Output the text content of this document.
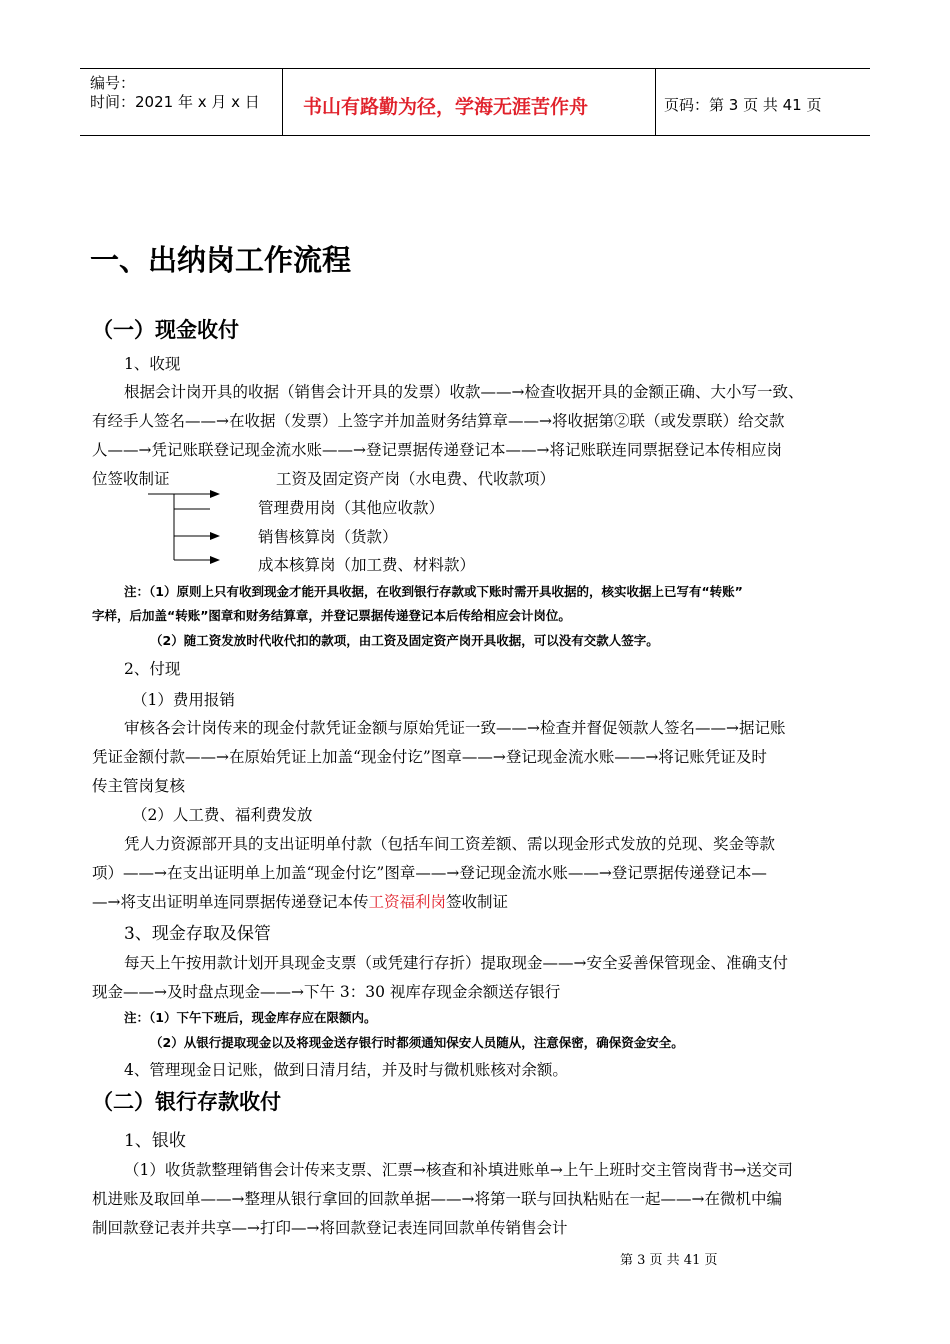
编号：
时间：2021 年 x 月 x 日 书山有路勤为径，学海无涯苦作舟	页码：第 3 页 共 41 页
一、出纳岗工作流程
（一）现金收付
1、收现
根据会计岗开具的收据（销售会计开具的发票）收款——→检查收据开具的金额正确、大小写一致、
有经手人签名——→在收据（发票）上签字并加盖财务结算章——→将收据第②联（或发票联）给交款
人——→凭记账联登记现金流水账——→登记票据传递登记本——→将记账联连同票据登记本传相应岗
位签收制证	工资及固定资产岗（水电费、代收款项）
管理费用岗（其他应收款）
销售核算岗（货款）
成本核算岗（加工费、材料款）
注：（1）原则上只有收到现金才能开具收据，在收到银行存款或下账时需开具收据的，核实收据上已写有“转账”
字样，后加盖“转账”图章和财务结算章，并登记票据传递登记本后传给相应会计岗位。
（2）随工资发放时代收代扣的款项，由工资及固定资产岗开具收据，可以没有交款人签字。
2、付现
（1）费用报销
审核各会计岗传来的现金付款凭证金额与原始凭证一致——→检查并督促领款人签名——→据记账
凭证金额付款——→在原始凭证上加盖“现金付讫”图章——→登记现金流水账——→将记账凭证及时
传主管岗复核
（2）人工费、福利费发放
凭人力资源部开具的支出证明单付款（包括车间工资差额、需以现金形式发放的兑现、奖金等款
项）——→在支出证明单上加盖“现金付讫”图章——→登记现金流水账——→登记票据传递登记本—
—→将支出证明单连同票据传递登记本传工资福利岗签收制证
3、现金存取及保管
每天上午按用款计划开具现金支票（或凭建行存折）提取现金——→安全妥善保管现金、准确支付
现金——→及时盘点现金——→下午 3：30 视库存现金余额送存银行
注：（1）下午下班后，现金库存应在限额内。
（2）从银行提取现金以及将现金送存银行时都须通知保安人员随从，注意保密，确保资金安全。
4、管理现金日记账，做到日清月结，并及时与微机账核对余额。
（二）银行存款收付
1、银收
（1）收货款整理销售会计传来支票、汇票→核查和补填进账单→上午上班时交主管岗背书→送交司
机进账及取回单——→整理从银行拿回的回款单据——→将第一联与回执粘贴在一起——→在微机中编
制回款登记表并共享—→打印—→将回款登记表连同回款单传销售会计
第 3 页 共 41 页
